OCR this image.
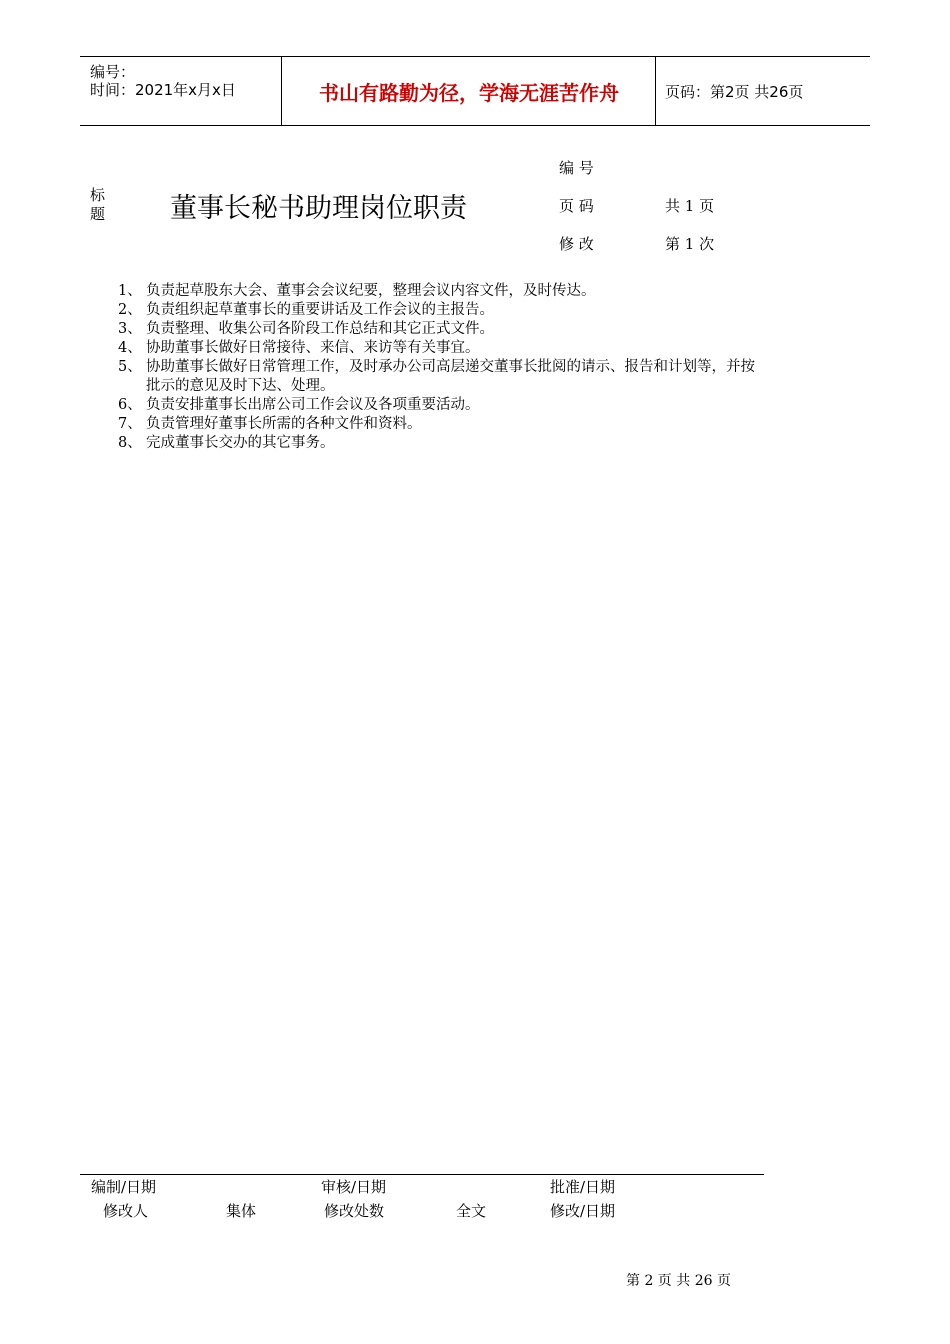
编号：
时间：2021年x月x日	书山有路勤为径，学海无涯苦作舟	页码：第2页 共26页
标
题 董事长秘书助理岗位职责
编 号
页 码	共 1 页
修 改	第 1 次
1、 负责起草股东大会、董事会会议纪要，整理会议内容文件，及时传达。
2、 负责组织起草董事长的重要讲话及工作会议的主报告。
3、 负责整理、收集公司各阶段工作总结和其它正式文件。
4、 协助董事长做好日常接待、来信、来访等有关事宜。
5、 协助董事长做好日常管理工作，及时承办公司高层递交董事长批阅的请示、报告和计划等，并按批示的意见及时下达、处理。
6、 负责安排董事长出席公司工作会议及各项重要活动。
7、 负责管理好董事长所需的各种文件和资料。
8、 完成董事长交办的其它事务。
编制/日期	审核/日期	批准/日期
修改人	集体	修改处数	全文	修改/日期
第 2 页 共 26 页
